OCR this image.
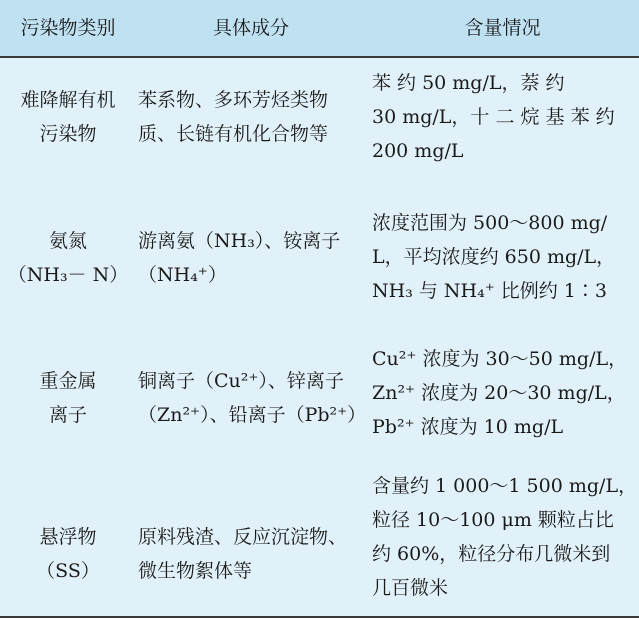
污染物类别	具体成分	含量情况
难降解有机
污染物
苯系物、多环芳烃类物
质、长链有机化合物等
苯 约 50 mg/L，萘 约
30 mg/L，十 二 烷 基 苯 约
200 mg/L
氨氮
（NH₃－ N）
游离氨（NH₃）、铵离子
（NH₄⁺）
浓度范围为 500～800 mg/
L，平均浓度约 650 mg/L，
NH₃ 与 NH₄⁺ 比例约 1∶3
重金属
离子
铜离子（Cu²⁺）、锌离子
（Zn²⁺）、铅离子（Pb²⁺）
Cu²⁺ 浓度为 30～50 mg/L，
Zn²⁺ 浓度为 20～30 mg/L，
Pb²⁺ 浓度为 10 mg/L
悬浮物
（SS）
原料残渣、反应沉淀物、
微生物絮体等
含量约 1 000～1 500 mg/L，
粒径 10～100 μm 颗粒占比
约 60%，粒径分布几微米到
几百微米
